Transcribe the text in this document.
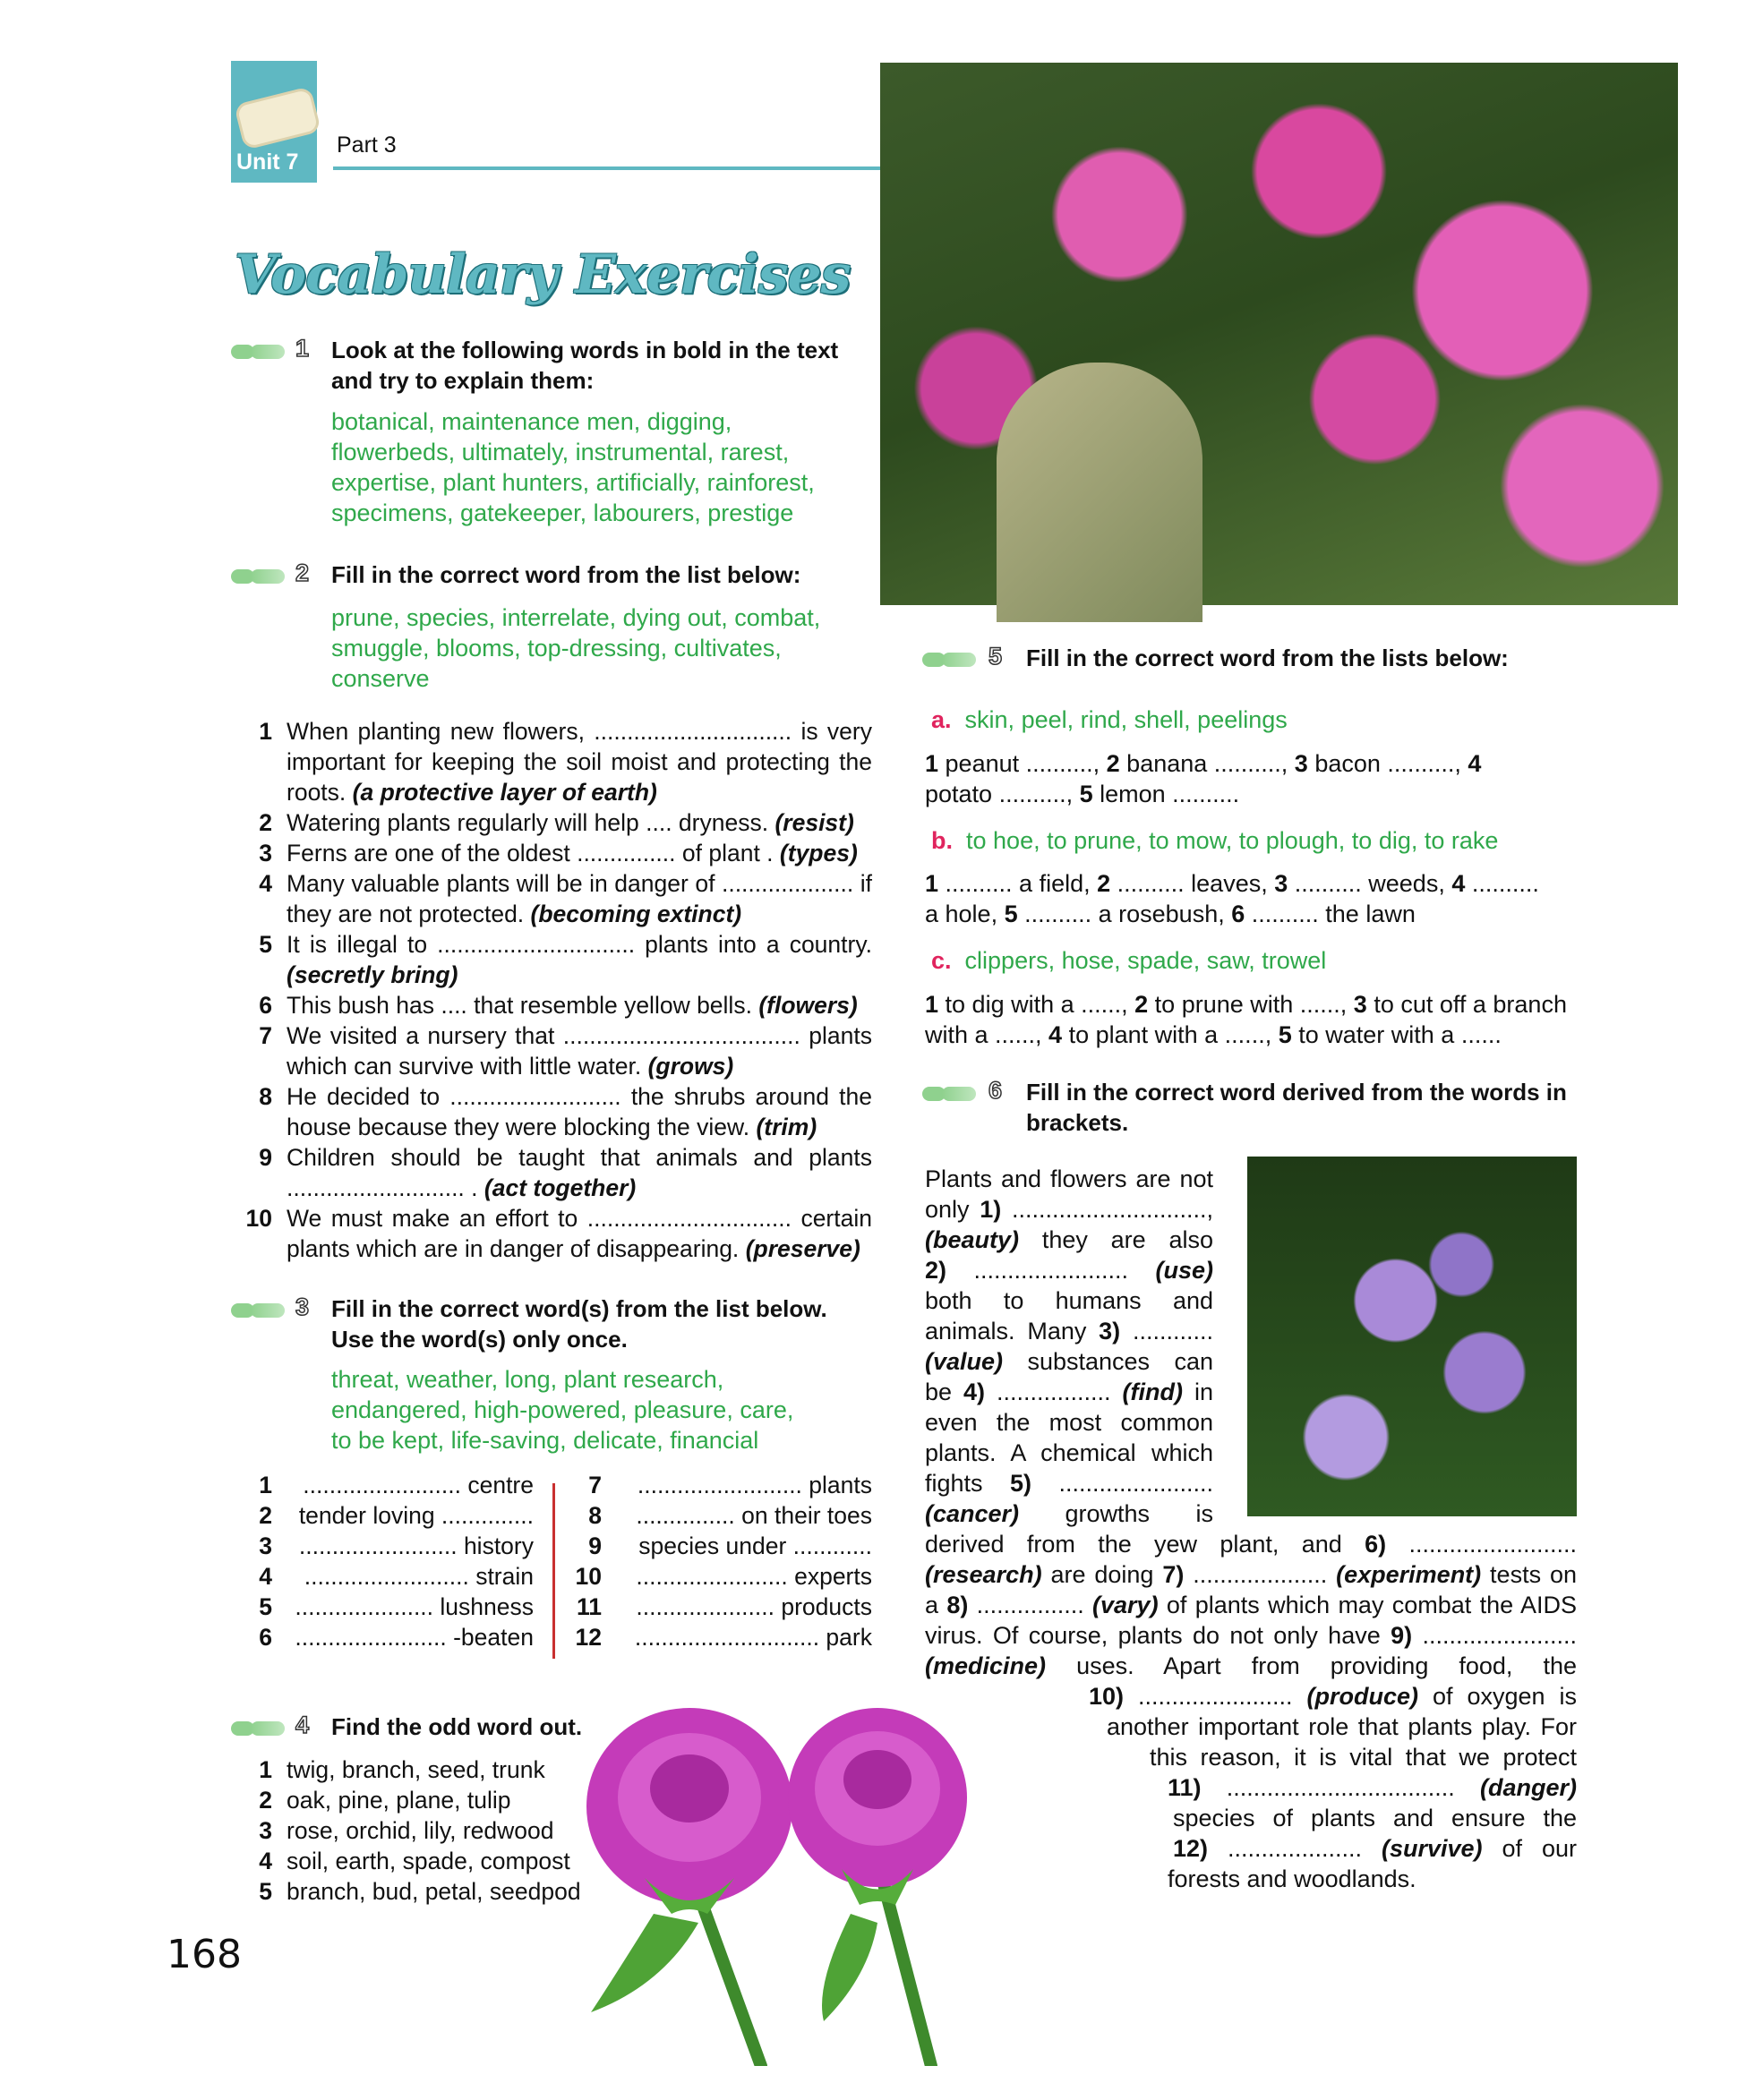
Unit 7
Part 3
Vocabulary Exercises
1 Look at the following words in bold in the text and try to explain them:
botanical, maintenance men, digging,
flowerbeds, ultimately, instrumental, rarest,
expertise, plant hunters, artificially, rainforest,
specimens, gatekeeper, labourers, prestige
2 Fill in the correct word from the list below:
prune, species, interrelate, dying out, combat,
smuggle, blooms, top-dressing, cultivates,
conserve
1 When planting new flowers, .............................. is very important for keeping the soil moist and protecting the roots. (a protective layer of earth)
2 Watering plants regularly will help .... dryness. (resist)
3 Ferns are one of the oldest ............... of plant . (types)
4 Many valuable plants will be in danger of .................... if they are not protected. (becoming extinct)
5 It is illegal to .............................. plants into a country. (secretly bring)
6 This bush has .... that resemble yellow bells. (flowers)
7 We visited a nursery that .................................... plants which can survive with little water. (grows)
8 He decided to .......................... the shrubs around the house because they were blocking the view. (trim)
9 Children should be taught that animals and plants ........................... . (act together)
10 We must make an effort to ............................... certain plants which are in danger of disappearing. (preserve)
3 Fill in the correct word(s) from the list below. Use the word(s) only once.
threat, weather, long, plant research,
endangered, high-powered, pleasure, care,
to be kept, life-saving, delicate, financial
1	........................ centre
2	tender loving ..............
3	........................ history
4	......................... strain
5 ..................... lushness
6 ....................... -beaten
7	......................... plants
8	............... on their toes
9	species under ............
10	....................... experts
11	..................... products
12	............................ park
4 Find the odd word out.
1 twig, branch, seed, trunk
2 oak, pine, plane, tulip
3 rose, orchid, lily, redwood
4 soil, earth, spade, compost
5 branch, bud, petal, seedpod
168
5 Fill in the correct word from the lists below:
a. skin, peel, rind, shell, peelings
1 peanut .........., 2 banana .........., 3 bacon .........., 4 potato .........., 5 lemon ..........
b. to hoe, to prune, to mow, to plough, to dig, to rake
1 .......... a field, 2 .......... leaves, 3 .......... weeds, 4 .......... a hole, 5 .......... a rosebush, 6 .......... the lawn
c. clippers, hose, spade, saw, trowel
1 to dig with a ......, 2 to prune with ......, 3 to cut off a branch with a ......, 4 to plant with a ......, 5 to water with a ......
6 Fill in the correct word derived from the words in brackets.
Plants and flowers are not
only 1) .............................,
(beauty) they are also
2) ....................... (use)
both to humans and
animals. Many 3) ............
(value) substances can
be 4) ................. (find) in
even the most common
plants. A chemical which
fights 5) .......................
(cancer) growths is
derived from the yew plant, and 6) .........................
(research) are doing 7) .................... (experiment) tests on
a 8) ................ (vary) of plants which may combat the AIDS
virus. Of course, plants do not only have 9) .......................
(medicine) uses. Apart from providing food, the
10) ....................... (produce) of oxygen is
another important role that plants play. For
this reason, it is vital that we protect
11) .................................. (danger)
species of plants and ensure the
12) .................... (survive) of our
forests and woodlands.
